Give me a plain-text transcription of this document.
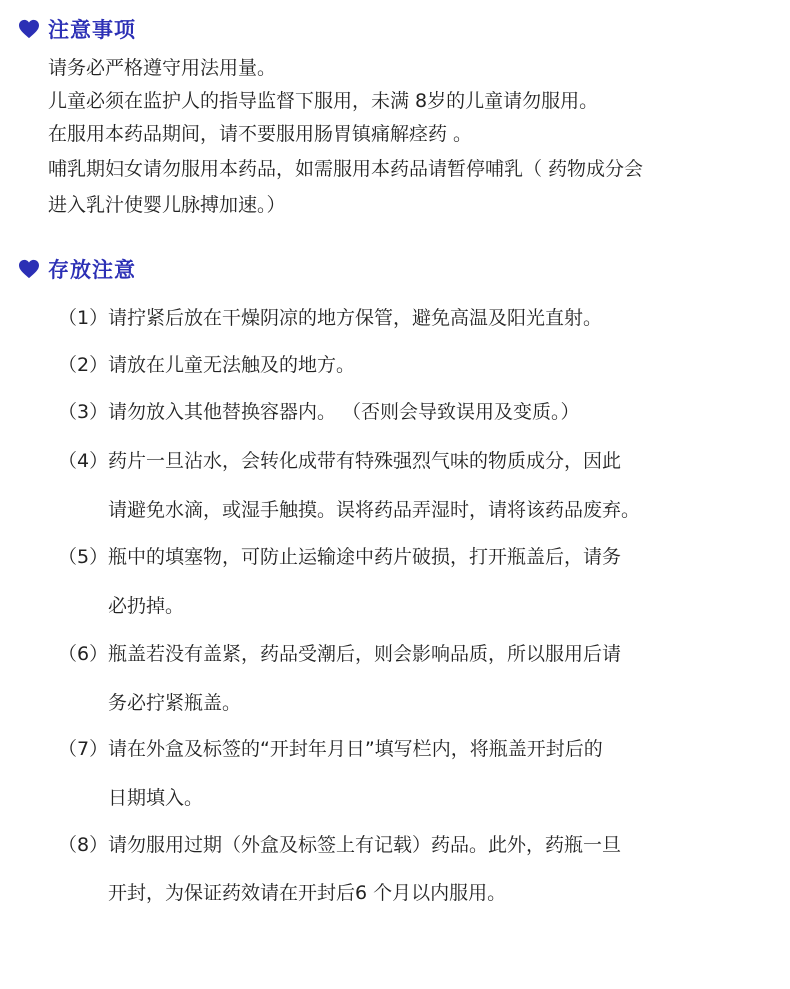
注意事项
请务必严格遵守用法用量。
儿童必须在监护人的指导监督下服用，未满 8岁的儿童请勿服用。
在服用本药品期间，请不要服用肠胃镇痛解痉药 。
哺乳期妇女请勿服用本药品，如需服用本药品请暂停哺乳（ 药物成分会
进入乳汁使婴儿脉搏加速。）
存放注意
（1） 请拧紧后放在干燥阴凉的地方保管，避免高温及阳光直射。
（2） 请放在儿童无法触及的地方。
（3） 请勿放入其他替换容器内。 （否则会导致误用及变质。）
（4） 药片一旦沾水，会转化成带有特殊强烈气味的物质成分，因此
请避免水滴，或湿手触摸。误将药品弄湿时，请将该药品废弃。
（5） 瓶中的填塞物，可防止运输途中药片破损，打开瓶盖后，请务
必扔掉。
（6） 瓶盖若没有盖紧，药品受潮后，则会影响品质，所以服用后请
务必拧紧瓶盖。
（7） 请在外盒及标签的“开封年月日”填写栏内，将瓶盖开封后的
日期填入。
（8） 请勿服用过期（外盒及标签上有记载）药品。此外，药瓶一旦
开封，为保证药效请在开封后6 个月以内服用。
